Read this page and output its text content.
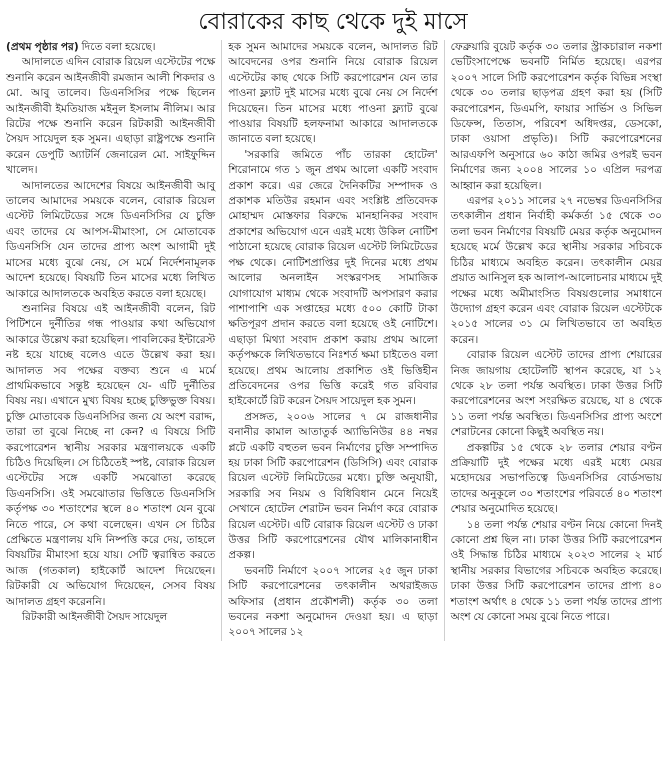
বোরাকের কাছ থেকে দুই মাসে

(প্রথম পৃষ্ঠার পর) দিতে বলা হয়েছে।

আদালতে এদিন বোরাক রিয়েল এস্টেটের পক্ষে শুনানি করেন আইনজীবী রমজান আলী শিকদার ও মো. আবু তালেব। ডিএনসিসির পক্ষে ছিলেন আইনজীবী ইমতিয়াজ মইনুল ইসলাম নীলিম। আর রিটের পক্ষে শুনানি করেন রিটকারী আইনজীবী সৈয়দ সায়েদুল হক সুমন। এছাড়া রাষ্ট্রপক্ষে শুনানি করেন ডেপুটি অ্যাটর্নি জেনারেল মো. সাইফুদ্দিন খালেদ।

আদালতের আদেশের বিষয়ে আইনজীবী আবু তালেব আমাদের সময়কে বলেন, বোরাক রিয়েল এস্টেট লিমিটেডের সঙ্গে ডিএনসিসির যে চুক্তি এবং তাদের যে আপস-মীমাংসা, সে মোতাবেক ডিএনসিসি যেন তাদের প্রাপ্য অংশ আগামী দুই মাসের মধ্যে বুঝে নেয়, সে মর্মে নির্দেশনামূলক আদেশ হয়েছে। বিষয়টি তিন মাসের মধ্যে লিখিত আকারে আদালতকে অবহিত করতে বলা হয়েছে।

শুনানির বিষয়ে এই আইনজীবী বলেন, রিট পিটিশনে দুর্নীতির গন্ধ পাওয়ার কথা অভিযোগ আকারে উল্লেখ করা হয়েছিল। পাবলিকের ইন্টারেস্ট নষ্ট হয়ে যাচ্ছে বলেও এতে উল্লেখ করা হয়। আদালত সব পক্ষের বক্তব্য শুনে এ মর্মে প্রাথমিকভাবে সন্তুষ্ট হয়েছেন যে- এটি দুর্নীতির বিষয় নয়। এখানে মুখ্য বিষয় হচ্ছে চুক্তিভুক্ত বিষয়। চুক্তি মোতাবেক ডিএনসিসির জন্য যে অংশ বরাদ্দ, তারা তা বুঝে নিচ্ছে না কেন? এ বিষয়ে সিটি করপোরেশন স্থানীয় সরকার মন্ত্রণালয়কে একটি চিঠিও দিয়েছিল। সে চিঠিতেই স্পষ্ট, বোরাক রিয়েল এস্টেটের সঙ্গে একটি সমঝোতা করেছে ডিএনসিসি। ওই সমঝোতার ভিত্তিতে ডিএনসিসি কর্তৃপক্ষ ৩০ শতাংশের স্থলে ৪০ শতাংশ যেন বুঝে নিতে পারে, সে কথা বলেছেন। এখন সে চিঠির প্রেক্ষিতে মন্ত্রণালয় যদি নিষ্পত্তি করে দেয়, তাহলে বিষয়টির মীমাংসা হয়ে যায়। সেটি ত্বরান্বিত করতে আজ (গতকাল) হাইকোর্ট আদেশ দিয়েছেন। রিটকারী যে অভিযোগ দিয়েছেন, সেসব বিষয় আদালত গ্রহণ করেননি।

রিটকারী আইনজীবী সৈয়দ সায়েদুল

হক সুমন আমাদের সময়কে বলেন, আদালত রিট আবেদনের ওপর শুনানি নিয়ে বোরাক রিয়েল এস্টেটের কাছ থেকে সিটি করপোরেশন যেন তার পাওনা ফ্ল্যাট দুই মাসের মধ্যে বুঝে নেয় সে নির্দেশ দিয়েছেন। তিন মাসের মধ্যে পাওনা ফ্ল্যাট বুঝে পাওয়ার বিষয়টি হলফনামা আকারে আদালতকে জানাতে বলা হয়েছে।

'সরকারি জমিতে পাঁচ তারকা হোটেল' শিরোনামে গত ১ জুন প্রথম আলো একটি সংবাদ প্রকাশ করে। এর জেরে দৈনিকটির সম্পাদক ও প্রকাশক মতিউর রহমান এবং সংশ্লিষ্ট প্রতিবেদক মোহাম্মদ মোস্তফার বিরুদ্ধে মানহানিকর সংবাদ প্রকাশের অভিযোগ এনে এরই মধ্যে উকিল নোটিশ পাঠানো হয়েছে বোরাক রিয়েল এস্টেট লিমিটেডের পক্ষ থেকে। নোটিশপ্রাপ্তির দুই দিনের মধ্যে প্রথম আলোর অনলাইন সংস্করণসহ সামাজিক যোগাযোগ মাধ্যম থেকে সংবাদটি অপসারণ করার পাশাপাশি এক সপ্তাহের মধ্যে ৫০০ কোটি টাকা ক্ষতিপূরণ প্রদান করতে বলা হয়েছে ওই নোটিশে। এছাড়া মিথ্যা সংবাদ প্রকাশ করায় প্রথম আলো কর্তৃপক্ষকে লিখিতভাবে নিঃশর্ত ক্ষমা চাইতেও বলা হয়েছে। প্রথম আলোয় প্রকাশিত ওই ভিত্তিহীন প্রতিবেদনের ওপর ভিত্তি করেই গত রবিবার হাইকোর্টে রিট করেন সৈয়দ সায়েদুল হক সুমন।

প্রসঙ্গত, ২০০৬ সালের ৭ মে রাজধানীর বনানীর কামাল আতাতুর্ক অ্যাভিনিউর ৪৪ নম্বর প্লটে একটি বহুতল ভবন নির্মাণের চুক্তি সম্পাদিত হয় ঢাকা সিটি করপোরেশন (ডিসিসি) এবং বোরাক রিয়েল এস্টেট লিমিটেডের মধ্যে। চুক্তি অনুযায়ী, সরকারি সব নিয়ম ও বিধিবিধান মেনে নিয়েই সেখানে হোটেল শেরাটন ভবন নির্মাণ করে বোরাক রিয়েল এস্টেট। এটি বোরাক রিয়েল এস্টেট ও ঢাকা উত্তর সিটি করপোরেশনের যৌথ মালিকানাধীন প্রকল্প।

ভবনটি নির্মাণে ২০০৭ সালের ২৫ জুন ঢাকা সিটি করপোরেশনের তৎকালীন অথরাইজড অফিসার (প্রধান প্রকৌশলী) কর্তৃক ৩০ তলা ভবনের নকশা অনুমোদন দেওয়া হয়। এ ছাড়া ২০০৭ সালের ১২

ফেব্রুয়ারি বুয়েট কর্তৃক ৩০ তলার স্ট্রাকচারাল নকশা ভেটিংসাপেক্ষে ভবনটি নির্মিত হয়েছে। এরপর ২০০৭ সালে সিটি করপোরেশন কর্তৃক বিভিন্ন সংস্থা থেকে ৩০ তলার ছাড়পত্র গ্রহণ করা হয় (সিটি করপোরেশন, ডিএমপি, ফায়ার সার্ভিস ও সিভিল ডিফেন্স, তিতাস, পরিবেশ অধিদপ্তর, ডেসকো, ঢাকা ওয়াসা প্রভৃতি)। সিটি করপোরেশনের আরএফপি অনুসারে ৬০ কাঠা জমির ওপরই ভবন নির্মাণের জন্য ২০০৪ সালের ১০ এপ্রিল দরপত্র আহ্বান করা হয়েছিল।

এরপর ২০১১ সালের ২৭ নভেম্বর ডিএনসিসির তৎকালীন প্রধান নির্বাহী কর্মকর্তা ১৫ থেকে ৩০ তলা ভবন নির্মাণের বিষয়টি মেয়র কর্তৃক অনুমোদন হয়েছে মর্মে উল্লেখ করে স্থানীয় সরকার সচিবকে চিঠির মাধ্যমে অবহিত করেন। তৎকালীন মেয়র প্রয়াত আনিসুল হক আলাপ-আলোচনার মাধ্যমে দুই পক্ষের মধ্যে অমীমাংসিত বিষয়গুলোর সমাধানে উদ্যোগ গ্রহণ করেন এবং বোরাক রিয়েল এস্টেটকে ২০১৫ সালের ৩১ মে লিখিতভাবে তা অবহিত করেন।

বোরাক রিয়েল এস্টেট তাদের প্রাপ্য শেয়ারের নিজ জায়গায় হোটেলটি স্থাপন করেছে, যা ১২ থেকে ২৮ তলা পর্যন্ত অবস্থিত। ঢাকা উত্তর সিটি করপোরেশনের অংশ সংরক্ষিত রয়েছে, যা ৪ থেকে ১১ তলা পর্যন্ত অবস্থিত। ডিএনসিসির প্রাপ্য অংশে শেরাটনের কোনো কিছুই অবস্থিত নয়।

প্রকল্পটির ১৫ থেকে ২৮ তলার শেয়ার বণ্টন প্রক্রিয়াটি দুই পক্ষের মধ্যে এরই মধ্যে মেয়র মহোদয়ের সভাপতিত্বে ডিএনসিসির বোর্ডসভায় তাদের অনুকূলে ৩০ শতাংশের পরিবর্তে ৪০ শতাংশ শেয়ার অনুমোদিত হয়েছে।

১৪ তলা পর্যন্ত শেয়ার বণ্টন নিয়ে কোনো দিনই কোনো প্রশ্ন ছিল না। ঢাকা উত্তর সিটি করপোরেশন ওই সিদ্ধান্ত চিঠির মাধ্যমে ২০২৩ সালের ২ মার্চ স্থানীয় সরকার বিভাগের সচিবকে অবহিত করেছে। ঢাকা উত্তর সিটি করপোরেশন তাদের প্রাপ্য ৪০ শতাংশ অর্থাৎ ৪ থেকে ১১ তলা পর্যন্ত তাদের প্রাপ্য অংশ যে কোনো সময় বুঝে নিতে পারে।
